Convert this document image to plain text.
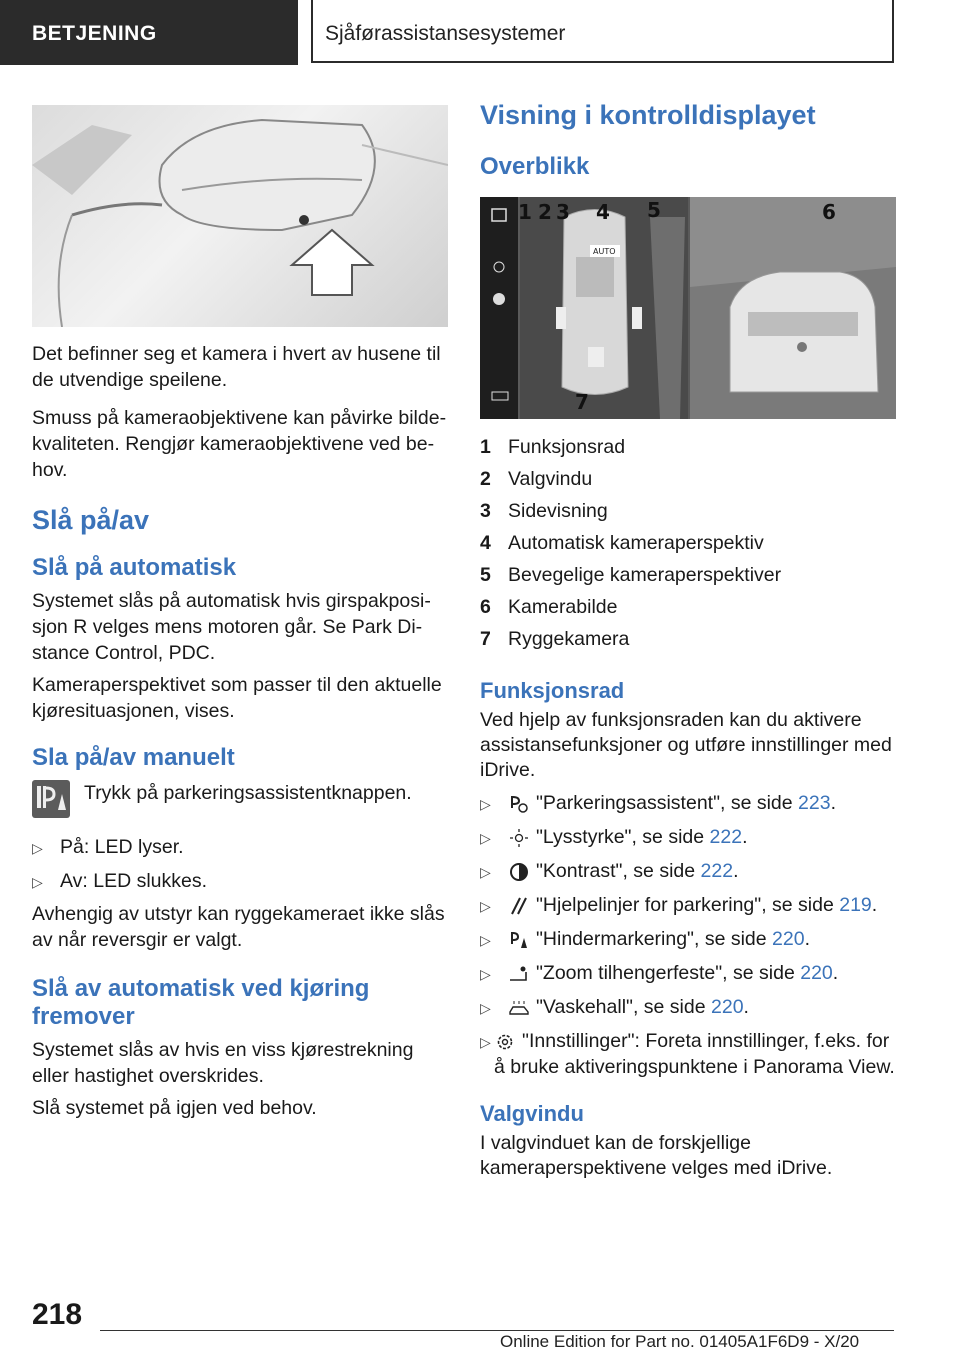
BETJENING	Sjåførassistansesystemer

Det befinner seg et kamera i hvert av husene til de utvendige speilene.

Smuss på kameraobjektivene kan påvirke bildekvaliteten. Rengjør kameraobjektivene ved behov.

Slå på/av
Slå på automatisk

Systemet slås på automatisk hvis girspakposisjon R velges mens motoren går. Se Park Distance Control, PDC.

Kameraperspektivet som passer til den aktuelle kjøresituasjonen, vises.

Sla på/av manuelt

Trykk på parkeringsassistentknappen.

▷ På: LED lyser.
▷ Av: LED slukkes.

Avhengig av utstyr kan ryggekameraet ikke slås av når reversgir er valgt.

Slå av automatisk ved kjøring fremover

Systemet slås av hvis en viss kjørestrekning eller hastighet overskrides.

Slå systemet på igjen ved behov.

Visning i kontrolldisplayet
Overblikk
AUTO
1 2 3 4 5	6
7
1 Funksjonsrad
2 Valgvindu
3 Sidevisning
4 Automatisk kameraperspektiv
5 Bevegelige kameraperspektiver
6 Kamerabilde
7 Ryggekamera
Funksjonsrad

Ved hjelp av funksjonsraden kan du aktivere assistansefunksjoner og utføre innstillinger med iDrive.

▷	"Parkeringsassistent", se side 223.
▷	"Lysstyrke", se side 222.
▷	"Kontrast", se side 222.
▷	"Hjelpelinjer for parkering", se side 219.
▷	"Hindermarkering", se side 220.
▷	"Zoom tilhengerfeste", se side 220.
▷	"Vaskehall", se side 220.
▷	"Innstillinger": Foreta innstillinger, f.eks. for å bruke aktiveringspunktene i Panorama View.
Valgvindu

I valgvinduet kan de forskjellige kameraperspektivene velges med iDrive.

218
Online Edition for Part no. 01405A1F6D9 - X/20
